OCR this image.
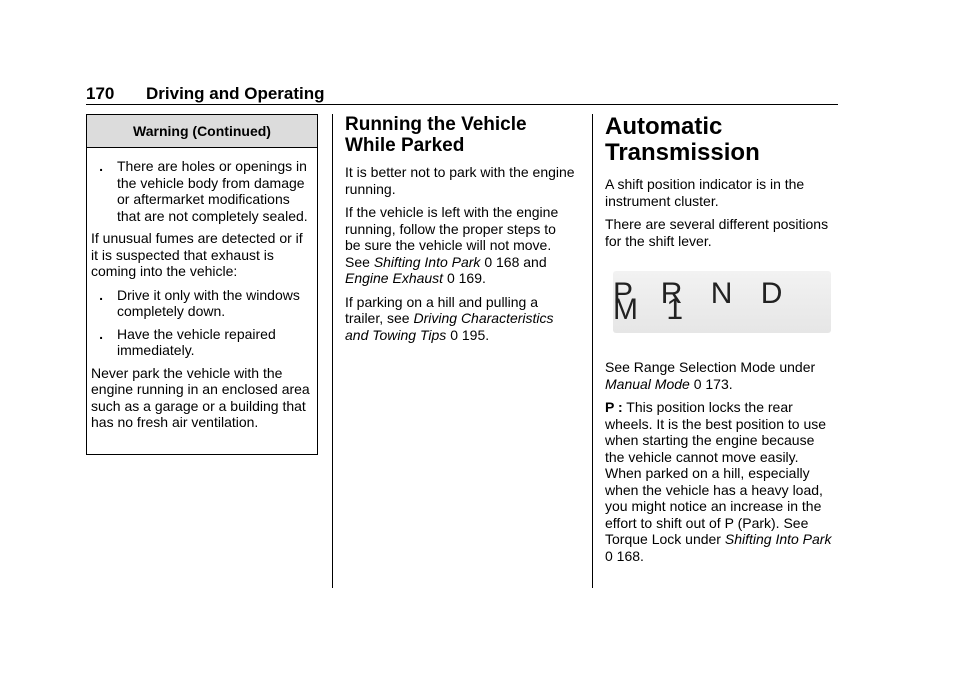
170 Driving and Operating
Warning (Continued)
.	There are holes or openings in the vehicle body from damage or aftermarket modifications that are not completely sealed.

If unusual fumes are detected or if it is suspected that exhaust is coming into the vehicle:

.	Drive it only with the windows completely down.
.	Have the vehicle repaired immediately.

Never park the vehicle with the engine running in an enclosed area such as a garage or a building that has no fresh air ventilation.

Running the Vehicle While Parked

It is better not to park with the engine running.

If the vehicle is left with the engine running, follow the proper steps to be sure the vehicle will not move. See Shifting Into Park 0 168 and Engine Exhaust 0 169.

If parking on a hill and pulling a trailer, see Driving Characteristics and Towing Tips 0 195.

Automatic Transmission

A shift position indicator is in the instrument cluster.

There are several different positions for the shift lever.

P R N D M 1

See Range Selection Mode under Manual Mode 0 173.

P : This position locks the rear wheels. It is the best position to use when starting the engine because the vehicle cannot move easily. When parked on a hill, especially when the vehicle has a heavy load, you might notice an increase in the effort to shift out of P (Park). See Torque Lock under Shifting Into Park 0 168.
